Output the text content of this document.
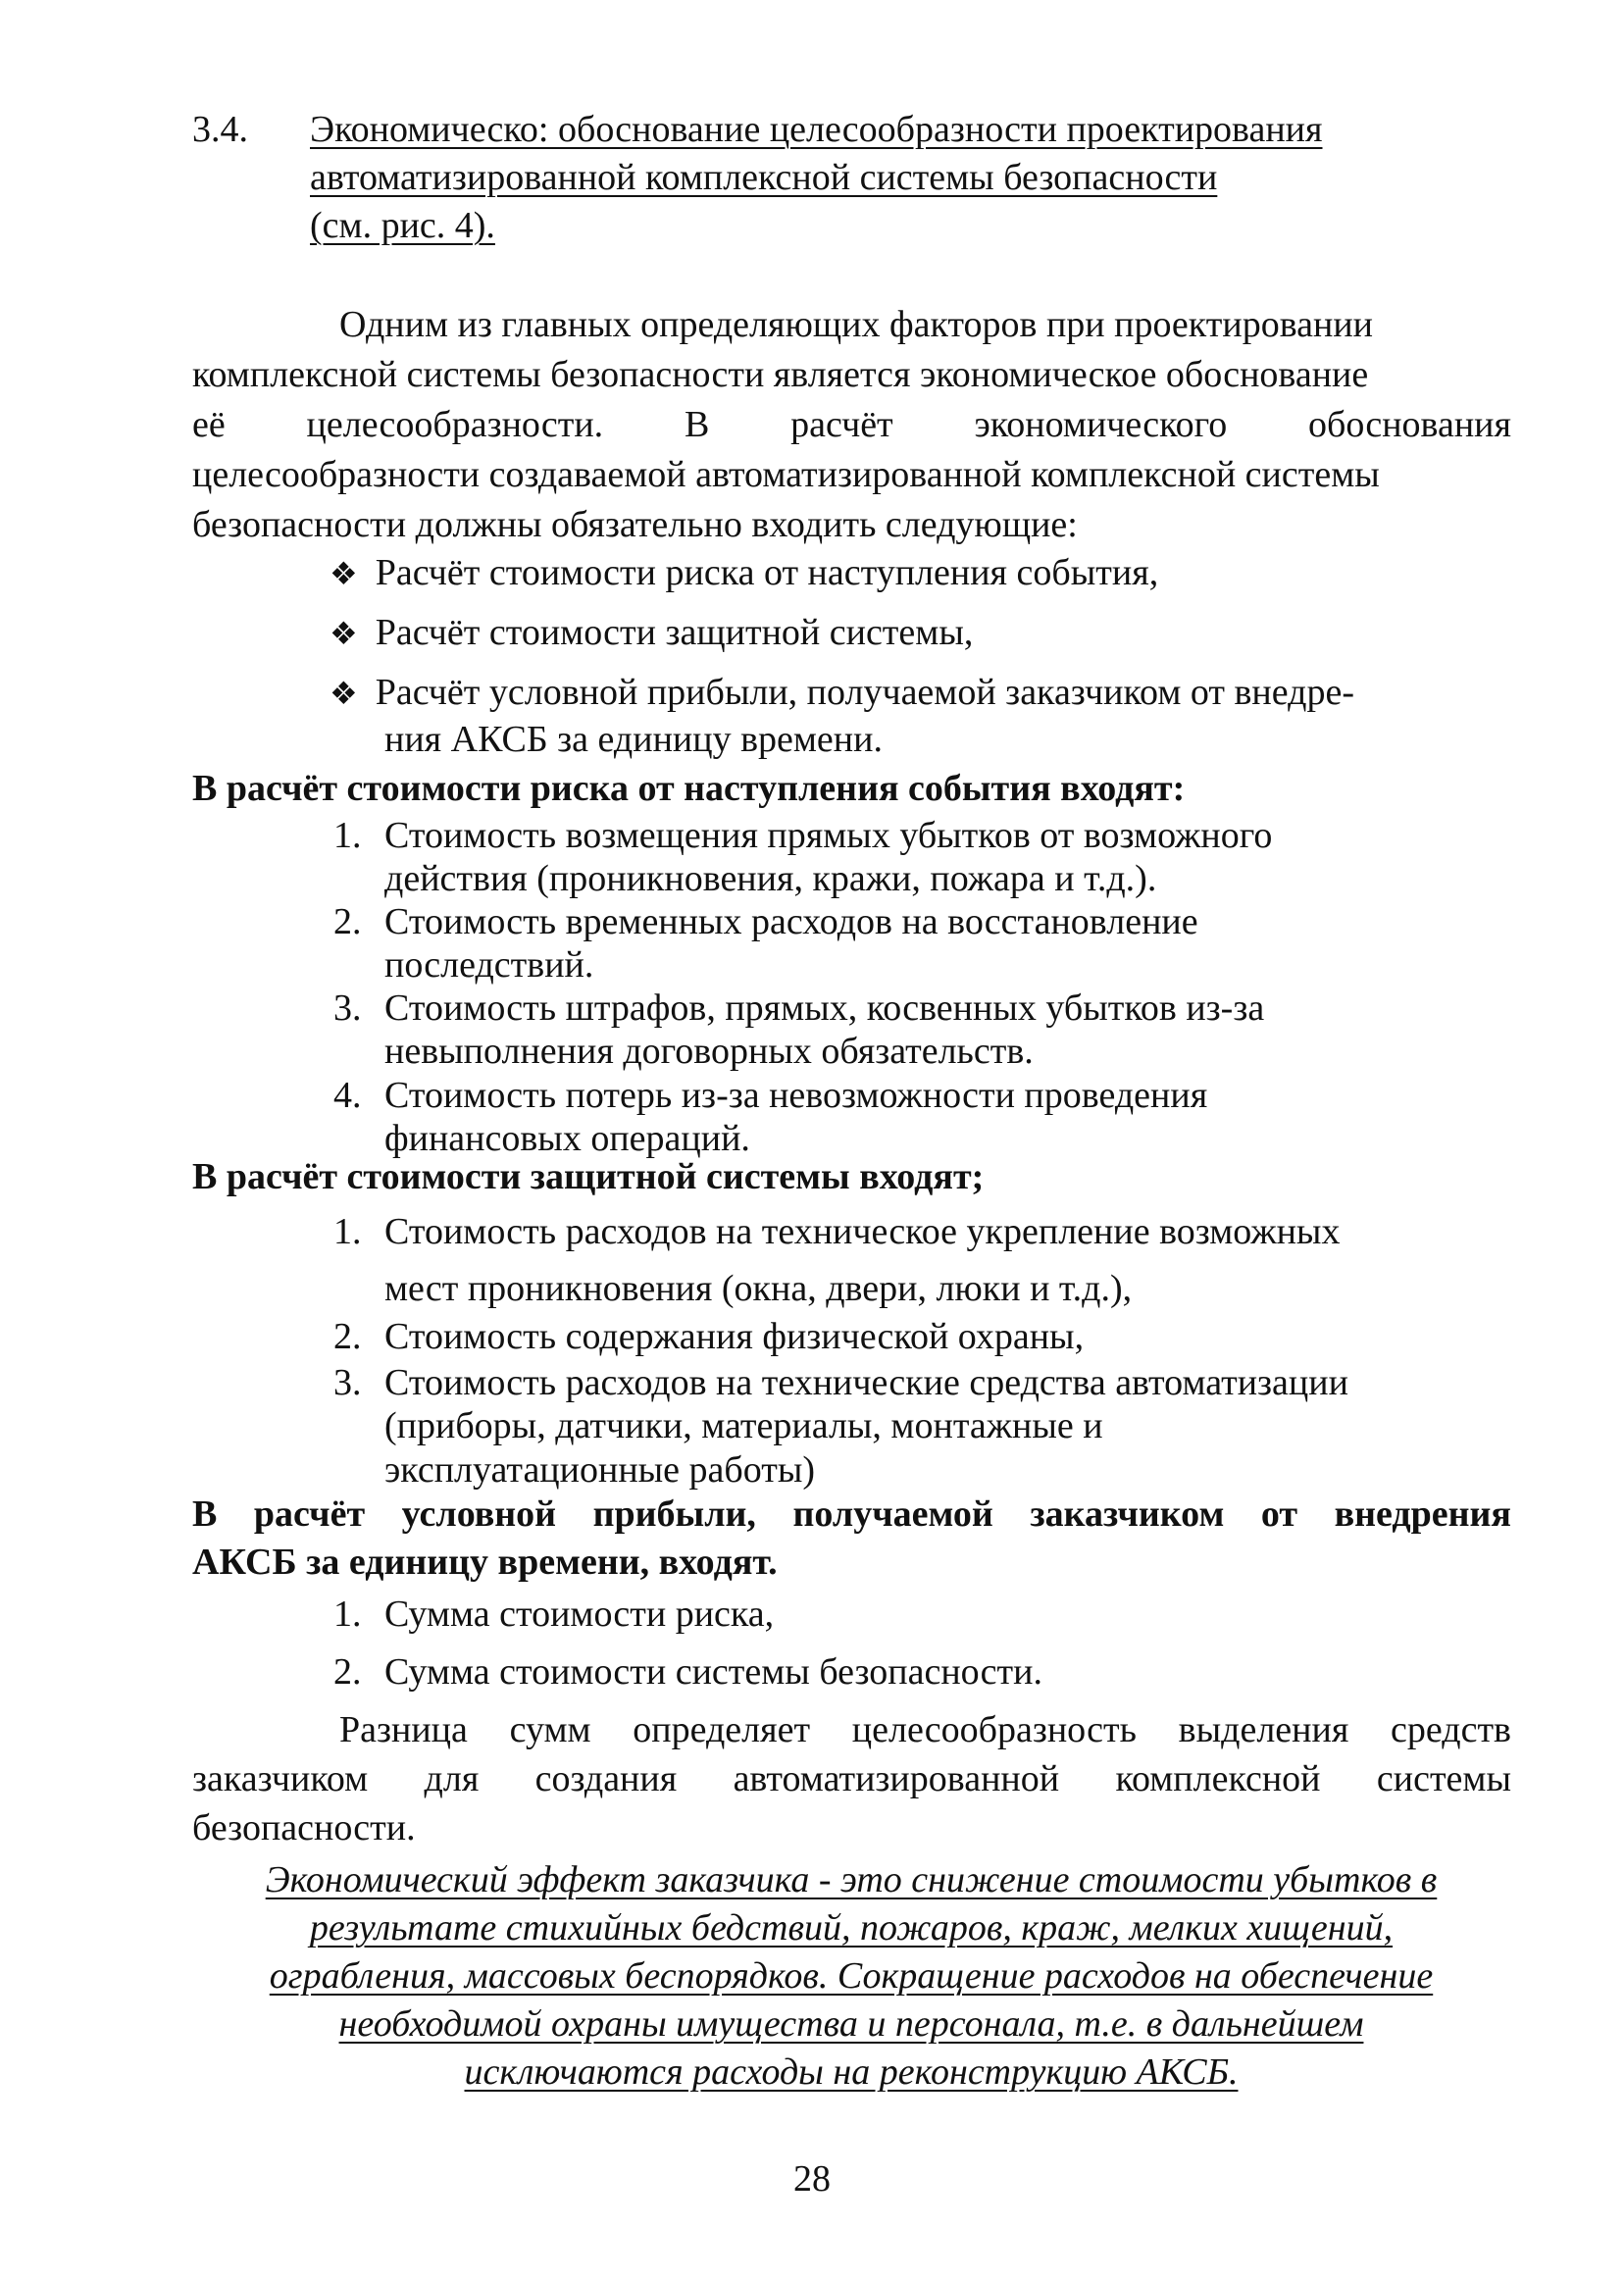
3.4. Экономическо: обоснование целесообразности проектирования
автоматизированной комплексной системы безопасности
(см. рис. 4).
Одним из главных определяющих факторов при проектировании
комплексной системы безопасности является экономическое обоснование
её целесообразности. В расчёт экономического обоснования
целесообразности создаваемой автоматизированной комплексной системы
безопасности должны обязательно входить следующие:
❖ Расчёт стоимости риска от наступления события,
❖ Расчёт стоимости защитной системы,
❖ Расчёт условной прибыли, получаемой заказчиком от внедре-
ния АКСБ за единицу времени.
В расчёт стоимости риска от наступления события входят:
1. Стоимость возмещения прямых убытков от возможного
действия (проникновения, кражи, пожара и т.д.).
2. Стоимость временных расходов на восстановление
последствий.
3. Стоимость штрафов, прямых, косвенных убытков из-за
невыполнения договорных обязательств.
4. Стоимость потерь из-за невозможности проведения
финансовых операций.
В расчёт стоимости защитной системы входят;
1. Стоимость расходов на техническое укрепление возможных
мест проникновения (окна, двери, люки и т.д.),
2. Стоимость содержания физической охраны,
3. Стоимость расходов на технические средства автоматизации
(приборы, датчики, материалы, монтажные и
эксплуатационные работы)
В расчёт условной прибыли, получаемой заказчиком от внедрения
АКСБ за единицу времени, входят.
1. Сумма стоимости риска,
2. Сумма стоимости системы безопасности.
Разница сумм определяет целесообразность выделения средств
заказчиком для создания автоматизированной комплексной системы
безопасности.
Экономический эффект заказчика - это снижение стоимости убытков в
результате стихийных бедствий, пожаров, краж, мелких хищений,
ограбления, массовых беспорядков. Сокращение расходов на обеспечение
необходимой охраны имущества и персонала, т.е. в дальнейшем
исключаются расходы на реконструкцию АКСБ.
28
